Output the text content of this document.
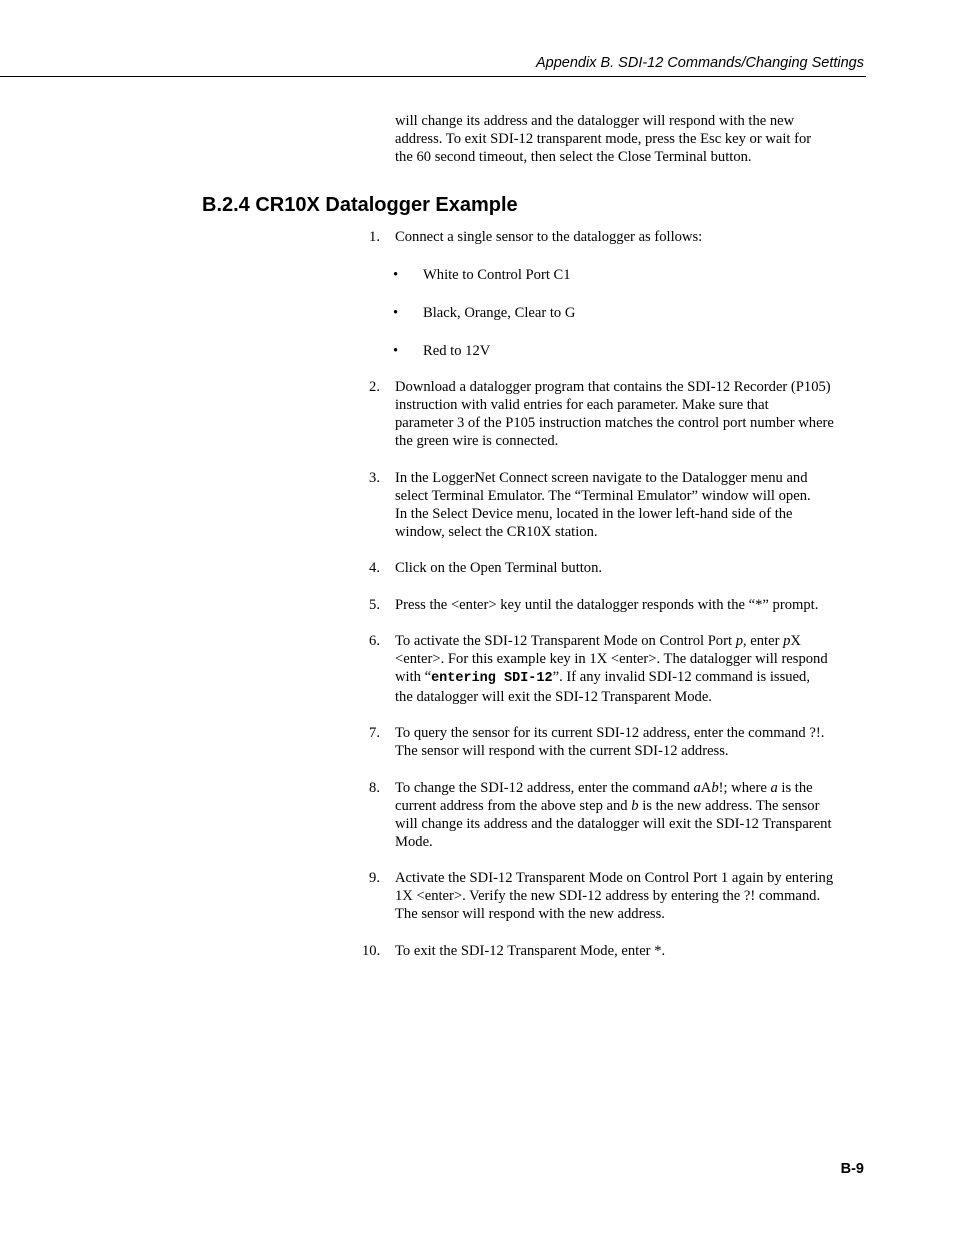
Appendix B. SDI-12 Commands/Changing Settings
will change its address and the datalogger will respond with the new
address. To exit SDI-12 transparent mode, press the Esc key or wait for
the 60 second timeout, then select the Close Terminal button.
B.2.4 CR10X Datalogger Example
1. Connect a single sensor to the datalogger as follows:
• White to Control Port C1
• Black, Orange, Clear to G
• Red to 12V
2. Download a datalogger program that contains the SDI-12 Recorder (P105)
instruction with valid entries for each parameter. Make sure that
parameter 3 of the P105 instruction matches the control port number where
the green wire is connected.
3. In the LoggerNet Connect screen navigate to the Datalogger menu and
select Terminal Emulator. The “Terminal Emulator” window will open.
In the Select Device menu, located in the lower left-hand side of the
window, select the CR10X station.
4. Click on the Open Terminal button.
5. Press the <enter> key until the datalogger responds with the “*” prompt.
6. To activate the SDI-12 Transparent Mode on Control Port p, enter pX
<enter>. For this example key in 1X <enter>. The datalogger will respond
with “entering SDI-12”. If any invalid SDI-12 command is issued,
the datalogger will exit the SDI-12 Transparent Mode.
7. To query the sensor for its current SDI-12 address, enter the command ?!.
The sensor will respond with the current SDI-12 address.
8. To change the SDI-12 address, enter the command aAb!; where a is the
current address from the above step and b is the new address. The sensor
will change its address and the datalogger will exit the SDI-12 Transparent
Mode.
9. Activate the SDI-12 Transparent Mode on Control Port 1 again by entering
1X <enter>. Verify the new SDI-12 address by entering the ?! command.
The sensor will respond with the new address.
10. To exit the SDI-12 Transparent Mode, enter *.
B-9
